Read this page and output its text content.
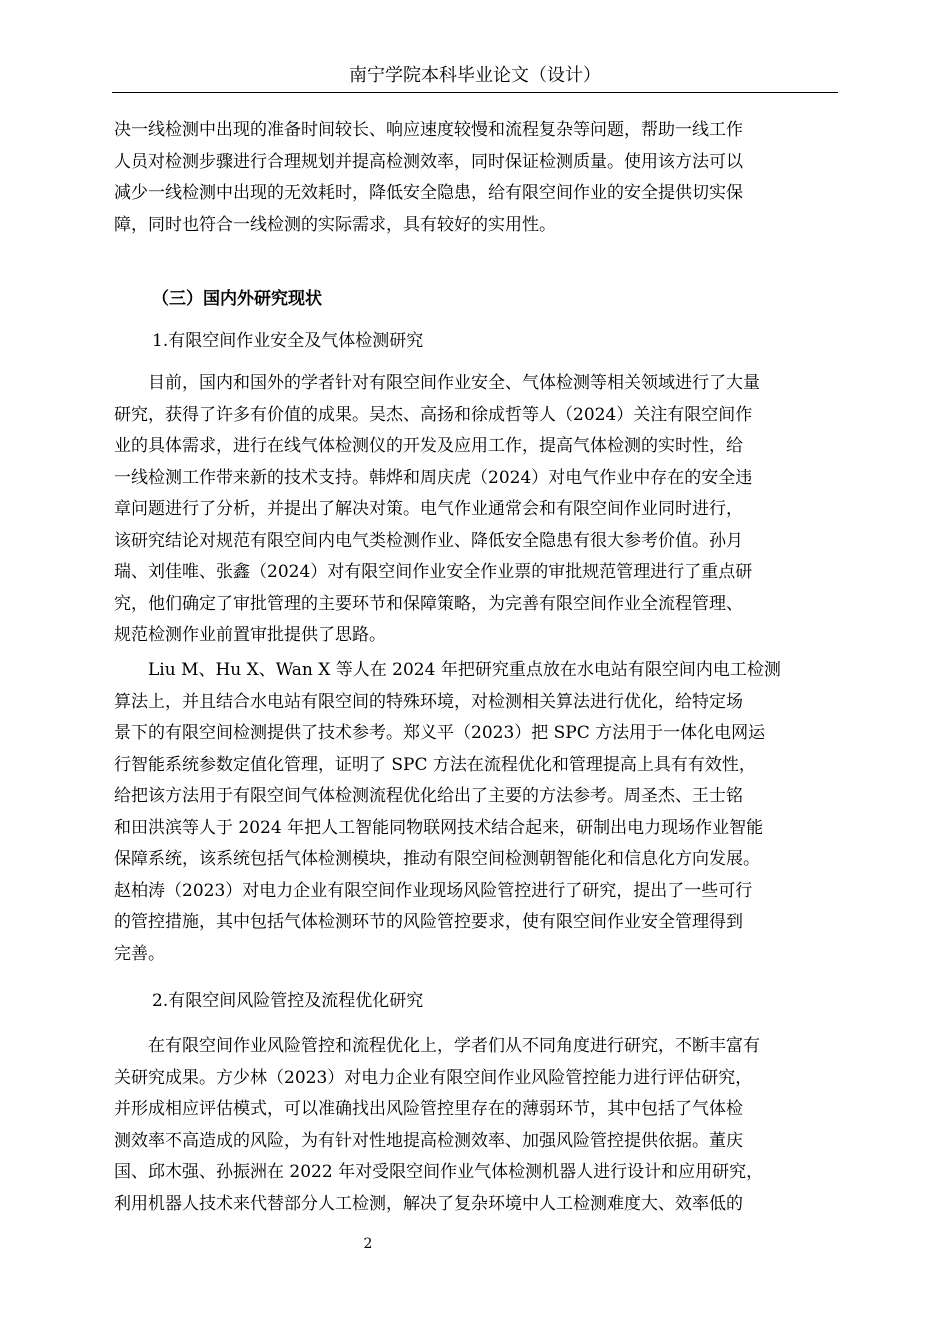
南宁学院本科毕业论文（设计）
决一线检测中出现的准备时间较长、响应速度较慢和流程复杂等问题，帮助一线工作
人员对检测步骤进行合理规划并提高检测效率，同时保证检测质量。使用该方法可以
减少一线检测中出现的无效耗时，降低安全隐患，给有限空间作业的安全提供切实保
障，同时也符合一线检测的实际需求，具有较好的实用性。
（三）国内外研究现状
1.有限空间作业安全及气体检测研究
　　目前，国内和国外的学者针对有限空间作业安全、气体检测等相关领域进行了大量
研究，获得了许多有价值的成果。吴杰、高扬和徐成哲等人（2024）关注有限空间作
业的具体需求，进行在线气体检测仪的开发及应用工作，提高气体检测的实时性，给
一线检测工作带来新的技术支持。韩烨和周庆虎（2024）对电气作业中存在的安全违
章问题进行了分析，并提出了解决对策。电气作业通常会和有限空间作业同时进行，
该研究结论对规范有限空间内电气类检测作业、降低安全隐患有很大参考价值。孙月
瑞、刘佳唯、张鑫（2024）对有限空间作业安全作业票的审批规范管理进行了重点研
究，他们确定了审批管理的主要环节和保障策略，为完善有限空间作业全流程管理、
规范检测作业前置审批提供了思路。
　　Liu M、Hu X、Wan X 等人在 2024 年把研究重点放在水电站有限空间内电工检测
算法上，并且结合水电站有限空间的特殊环境，对检测相关算法进行优化，给特定场
景下的有限空间检测提供了技术参考。郑义平（2023）把 SPC 方法用于一体化电网运
行智能系统参数定值化管理，证明了 SPC 方法在流程优化和管理提高上具有有效性，
给把该方法用于有限空间气体检测流程优化给出了主要的方法参考。周圣杰、王士铭
和田洪滨等人于 2024 年把人工智能同物联网技术结合起来，研制出电力现场作业智能
保障系统，该系统包括气体检测模块，推动有限空间检测朝智能化和信息化方向发展。
赵柏涛（2023）对电力企业有限空间作业现场风险管控进行了研究，提出了一些可行
的管控措施，其中包括气体检测环节的风险管控要求，使有限空间作业安全管理得到
完善。
2.有限空间风险管控及流程优化研究
　　在有限空间作业风险管控和流程优化上，学者们从不同角度进行研究，不断丰富有
关研究成果。方少林（2023）对电力企业有限空间作业风险管控能力进行评估研究，
并形成相应评估模式，可以准确找出风险管控里存在的薄弱环节，其中包括了气体检
测效率不高造成的风险，为有针对性地提高检测效率、加强风险管控提供依据。董庆
国、邱木强、孙振洲在 2022 年对受限空间作业气体检测机器人进行设计和应用研究，
利用机器人技术来代替部分人工检测，解决了复杂环境中人工检测难度大、效率低的
2
